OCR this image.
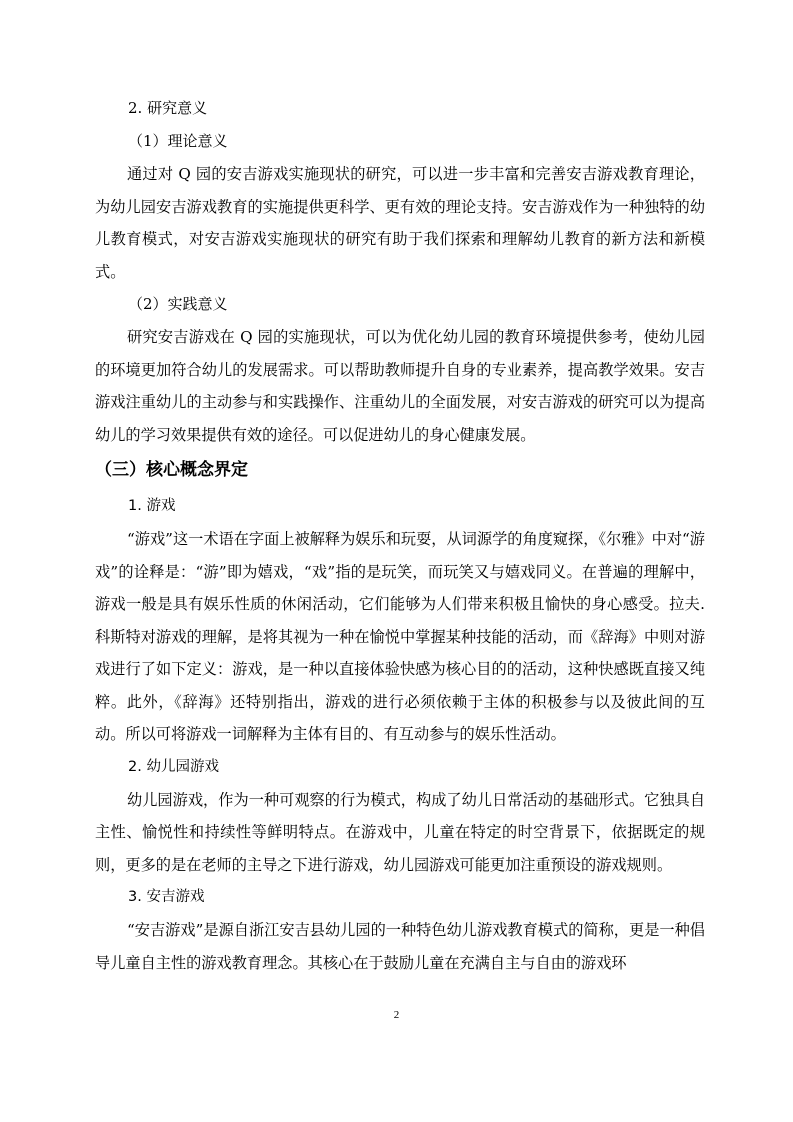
2. 研究意义

（1）理论意义

通过对 Q 园的安吉游戏实施现状的研究，可以进一步丰富和完善安吉游戏教育理论，为幼儿园安吉游戏教育的实施提供更科学、更有效的理论支持。安吉游戏作为一种独特的幼儿教育模式，对安吉游戏实施现状的研究有助于我们探索和理解幼儿教育的新方法和新模式。

（2）实践意义

研究安吉游戏在 Q 园的实施现状，可以为优化幼儿园的教育环境提供参考，使幼儿园的环境更加符合幼儿的发展需求。可以帮助教师提升自身的专业素养，提高教学效果。安吉游戏注重幼儿的主动参与和实践操作、注重幼儿的全面发展，对安吉游戏的研究可以为提高幼儿的学习效果提供有效的途径。可以促进幼儿的身心健康发展。

（三）核心概念界定

1. 游戏

“游戏”这一术语在字面上被解释为娱乐和玩耍，从词源学的角度窥探，《尔雅》中对“游戏”的诠释是：“游”即为嬉戏，“戏”指的是玩笑，而玩笑又与嬉戏同义。在普遍的理解中，游戏一般是具有娱乐性质的休闲活动，它们能够为人们带来积极且愉快的身心感受。拉夫. 科斯特对游戏的理解，是将其视为一种在愉悦中掌握某种技能的活动，而《辞海》中则对游戏进行了如下定义：游戏，是一种以直接体验快感为核心目的的活动，这种快感既直接又纯粹。此外，《辞海》还特别指出，游戏的进行必须依赖于主体的积极参与以及彼此间的互动。所以可将游戏一词解释为主体有目的、有互动参与的娱乐性活动。

2. 幼儿园游戏

幼儿园游戏，作为一种可观察的行为模式，构成了幼儿日常活动的基础形式。它独具自主性、愉悦性和持续性等鲜明特点。在游戏中，儿童在特定的时空背景下，依据既定的规则，更多的是在老师的主导之下进行游戏，幼儿园游戏可能更加注重预设的游戏规则。

3. 安吉游戏

“安吉游戏”是源自浙江安吉县幼儿园的一种特色幼儿游戏教育模式的简称，更是一种倡导儿童自主性的游戏教育理念。其核心在于鼓励儿童在充满自主与自由的游戏环

2
